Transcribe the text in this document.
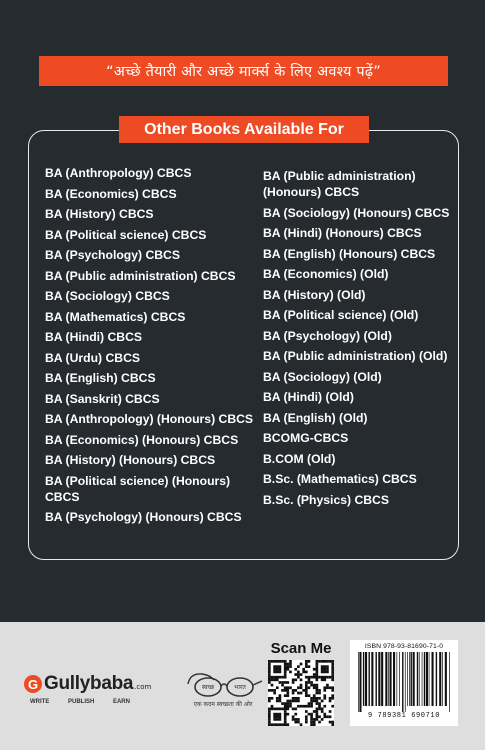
“अच्छे तैयारी और अच्छे मार्क्स के लिए अवश्य पढ़ें”
Other Books Available For
BA (Anthropology) CBCS
BA (Economics) CBCS
BA (History) CBCS
BA (Political science) CBCS
BA (Psychology) CBCS
BA (Public administration) CBCS
BA (Sociology) CBCS
BA (Mathematics) CBCS
BA (Hindi) CBCS
BA (Urdu) CBCS
BA (English) CBCS
BA (Sanskrit) CBCS
BA (Anthropology) (Honours) CBCS
BA (Economics) (Honours) CBCS
BA (History) (Honours) CBCS
BA (Political science) (Honours) CBCS
BA (Psychology) (Honours) CBCS
BA (Public administration) (Honours) CBCS
BA (Sociology) (Honours) CBCS
BA (Hindi) (Honours) CBCS
BA (English) (Honours) CBCS
BA (Economics) (Old)
BA (History) (Old)
BA (Political science) (Old)
BA (Psychology) (Old)
BA (Public administration) (Old)
BA (Sociology) (Old)
BA (Hindi) (Old)
BA (English) (Old)
BCOMG-CBCS
B.COM (Old)
B.Sc. (Mathematics) CBCS
B.Sc. (Physics) CBCS
G Gullybaba .com
WRITE	PUBLISH	EARN
स्वच्छ	भारत
एक कदम स्वच्छता की ओर
Scan Me	ISBN 978-93-81690-71-0
9 789381 690710
